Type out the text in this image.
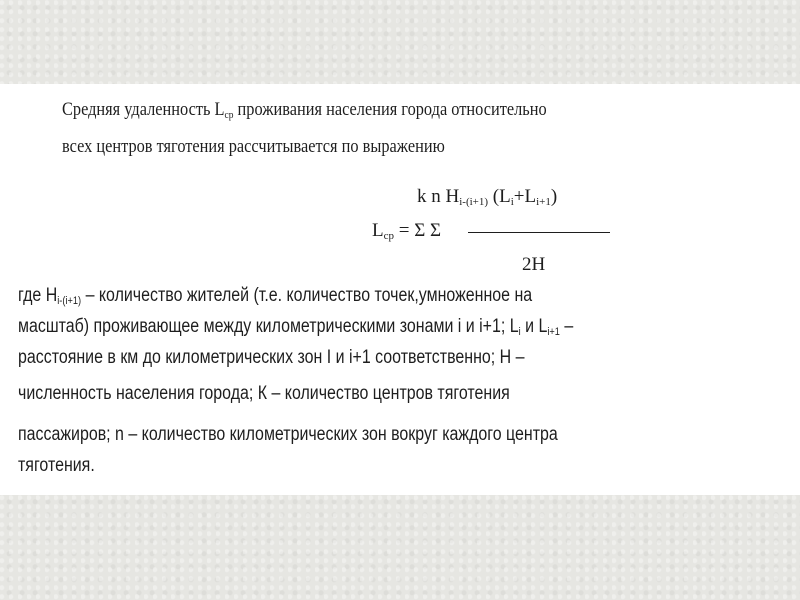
Средняя удаленность $L_{ср}$ проживания населения города относительно
всех центров тяготения рассчитывается по выражению
k n $H_{i-(i+1)}$ $(L_i+L_{i+1})$
$L_{ср} = \Sigma$ Σ
2H
где $H_{i-(i+1)}$ – количество жителей (т.е. количество точек,умноженное на
масштаб) проживающее между километрическими зонами i и i+1; $L_i$ и $L_{i+1}$ –
расстояние в км до километрических зон I и i+1 соответственно; H –
численность населения города; К – количество центров тяготения
пассажиров; n – количество километрических зон вокруг каждого центра
тяготения.
